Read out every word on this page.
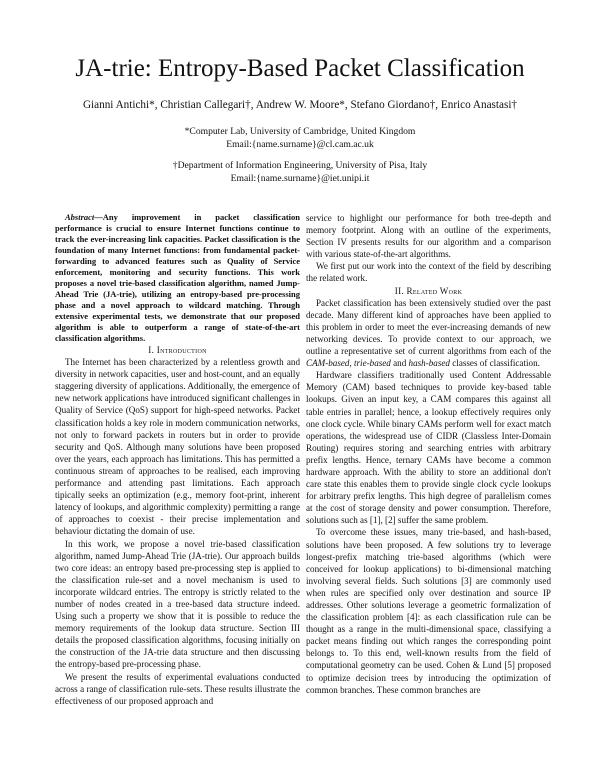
JA-trie: Entropy-Based Packet Classification
Gianni Antichi*, Christian Callegari†, Andrew W. Moore*, Stefano Giordano†, Enrico Anastasi†
*Computer Lab, University of Cambridge, United Kingdom
Email:{name.surname}@cl.cam.ac.uk
†Department of Information Engineering, University of Pisa, Italy
Email:{name.surname}@iet.unipi.it

Abstract—Any improvement in packet classification performance is crucial to ensure Internet functions continue to track the ever-increasing link capacities. Packet classification is the foundation of many Internet functions: from fundamental packet-forwarding to advanced features such as Quality of Service enforcement, monitoring and security functions. This work proposes a novel trie-based classification algorithm, named Jump-Ahead Trie (JA-trie), utilizing an entropy-based pre-processing phase and a novel approach to wildcard matching. Through extensive experimental tests, we demonstrate that our proposed algorithm is able to outperform a range of state-of-the-art classification algorithms.

I. Introduction

The Internet has been characterized by a relentless growth and diversity in network capacities, user and host-count, and an equally staggering diversity of applications. Additionally, the emergence of new network applications have introduced significant challenges in Quality of Service (QoS) support for high-speed networks. Packet classification holds a key role in modern communication networks, not only to forward packets in routers but in order to provide security and QoS. Although many solutions have been proposed over the years, each approach has limitations. This has permitted a continuous stream of approaches to be realised, each improving performance and attending past limitations. Each approach tipically seeks an optimization (e.g., memory foot-print, inherent latency of lookups, and algorithmic complexity) permitting a range of approaches to coexist - their precise implementation and behaviour dictating the domain of use.

In this work, we propose a novel trie-based classification algorithm, named Jump-Ahead Trie (JA-trie). Our approach builds two core ideas: an entropy based pre-processing step is applied to the classification rule-set and a novel mechanism is used to incorporate wildcard entries. The entropy is strictly related to the number of nodes created in a tree-based data structure indeed. Using such a property we show that it is possible to reduce the memory requirements of the lookup data structure. Section III details the proposed classification algorithms, focusing initially on the construction of the JA-trie data structure and then discussing the entropy-based pre-processing phase.

We present the results of experimental evaluations conducted across a range of classification rule-sets. These results illustrate the effectiveness of our proposed approach and

service to highlight our performance for both tree-depth and memory footprint. Along with an outline of the experiments, Section IV presents results for our algorithm and a comparison with various state-of-the-art algorithms.

We first put our work into the context of the field by describing the related work.

II. Related Work

Packet classification has been extensively studied over the past decade. Many different kind of approaches have been applied to this problem in order to meet the ever-increasing demands of new networking devices. To provide context to our approach, we outline a representative set of current algorithms from each of the CAM-based, trie-based and hash-based classes of classification.

Hardware classifiers traditionally used Content Addressable Memory (CAM) based techniques to provide key-based table lookups. Given an input key, a CAM compares this against all table entries in parallel; hence, a lookup effectively requires only one clock cycle. While binary CAMs perform well for exact match operations, the widespread use of CIDR (Classless Inter-Domain Routing) requires storing and searching entries with arbitrary prefix lengths. Hence, ternary CAMs have become a common hardware approach. With the ability to store an additional don't care state this enables them to provide single clock cycle lookups for arbitrary prefix lengths. This high degree of parallelism comes at the cost of storage density and power consumption. Therefore, solutions such as [1], [2] suffer the same problem.

To overcome these issues, many trie-based, and hash-based, solutions have been proposed. A few solutions try to leverage longest-prefix matching trie-based algorithms (which were conceived for lookup applications) to bi-dimensional matching involving several fields. Such solutions [3] are commonly used when rules are specified only over destination and source IP addresses. Other solutions leverage a geometric formalization of the classification problem [4]: as each classification rule can be thought as a range in the multi-dimensional space, classifying a packet means finding out which ranges the corresponding point belongs to. To this end, well-known results from the field of computational geometry can be used. Cohen & Lund [5] proposed to optimize decision trees by introducing the optimization of common branches. These common branches are
